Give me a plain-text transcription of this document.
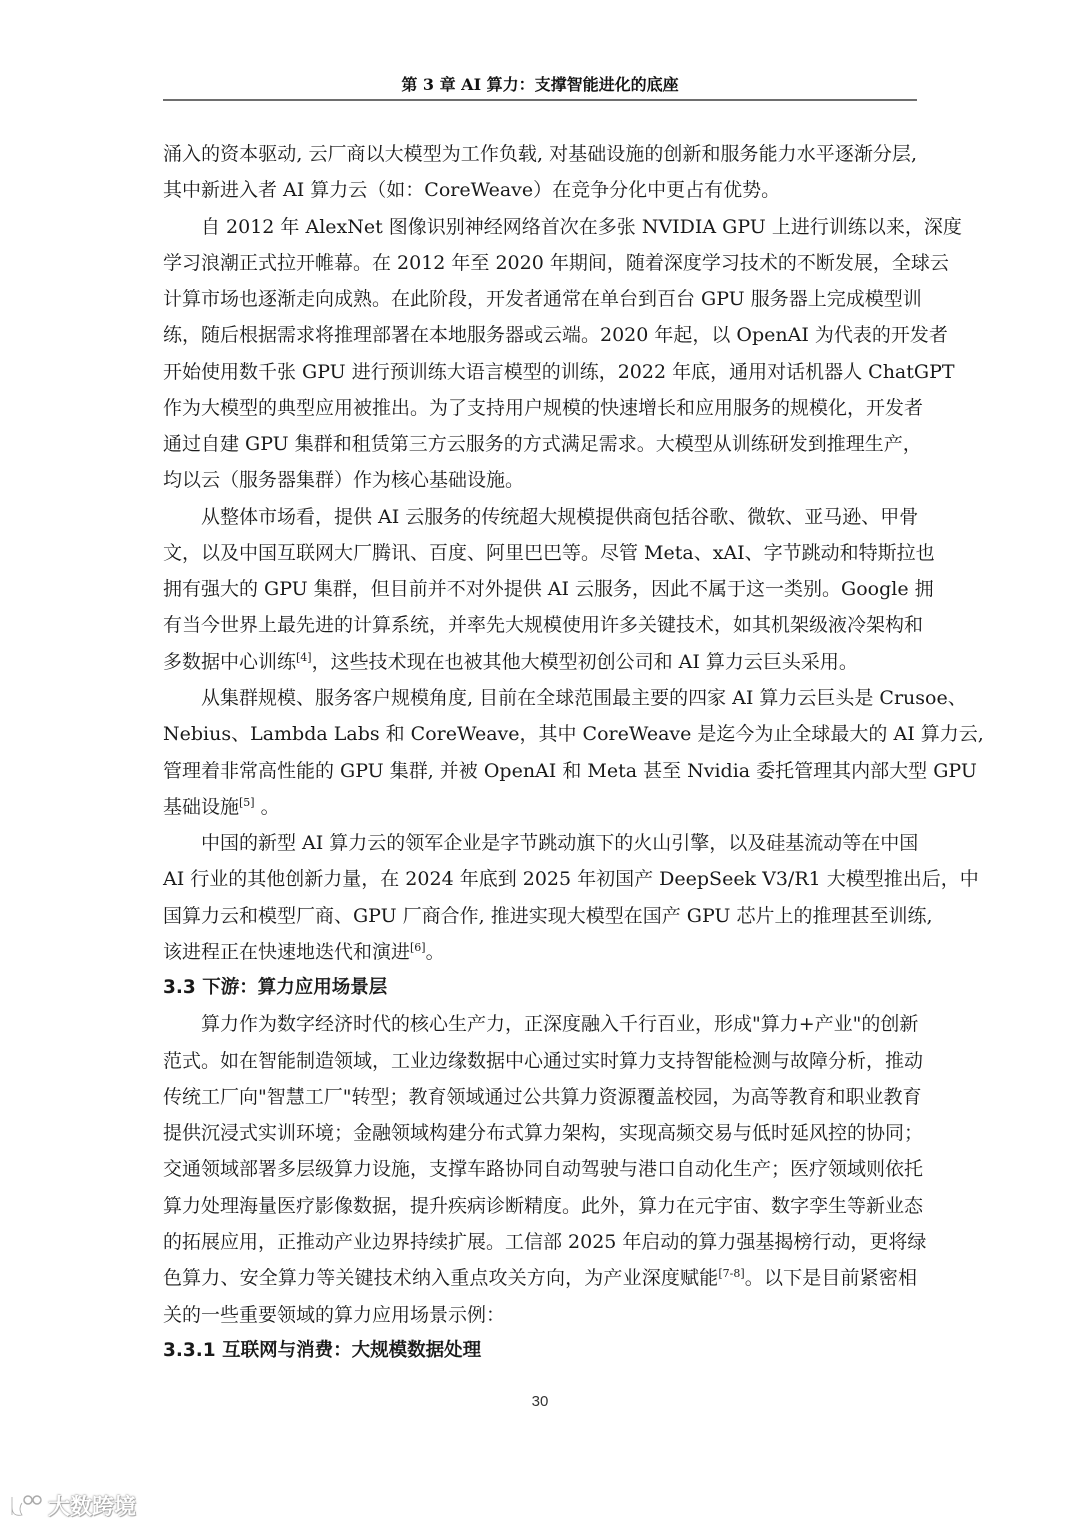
第 3 章 AI 算力：支撑智能进化的底座
涌入的资本驱动, 云厂商以大模型为工作负载, 对基础设施的创新和服务能力水平逐渐分层,
其中新进入者 AI 算力云（如：CoreWeave）在竞争分化中更占有优势。
自 2012 年 AlexNet 图像识别神经网络首次在多张 NVIDIA GPU 上进行训练以来，深度
学习浪潮正式拉开帷幕。在 2012 年至 2020 年期间，随着深度学习技术的不断发展，全球云
计算市场也逐渐走向成熟。在此阶段，开发者通常在单台到百台 GPU 服务器上完成模型训
练，随后根据需求将推理部署在本地服务器或云端。2020 年起，以 OpenAI 为代表的开发者
开始使用数千张 GPU 进行预训练大语言模型的训练，2022 年底，通用对话机器人 ChatGPT
作为大模型的典型应用被推出。为了支持用户规模的快速增长和应用服务的规模化，开发者
通过自建 GPU 集群和租赁第三方云服务的方式满足需求。大模型从训练研发到推理生产，
均以云（服务器集群）作为核心基础设施。
从整体市场看，提供 AI 云服务的传统超大规模提供商包括谷歌、微软、亚马逊、甲骨
文，以及中国互联网大厂腾讯、百度、阿里巴巴等。尽管 Meta、xAI、字节跳动和特斯拉也
拥有强大的 GPU 集群，但目前并不对外提供 AI 云服务，因此不属于这一类别。Google 拥
有当今世界上最先进的计算系统，并率先大规模使用许多关键技术，如其机架级液冷架构和
多数据中心训练[4]，这些技术现在也被其他大模型初创公司和 AI 算力云巨头采用。
从集群规模、服务客户规模角度, 目前在全球范围最主要的四家 AI 算力云巨头是 Crusoe、
Nebius、Lambda Labs 和 CoreWeave，其中 CoreWeave 是迄今为止全球最大的 AI 算力云,
管理着非常高性能的 GPU 集群, 并被 OpenAI 和 Meta 甚至 Nvidia 委托管理其内部大型 GPU
基础设施[5] 。
中国的新型 AI 算力云的领军企业是字节跳动旗下的火山引擎，以及硅基流动等在中国
AI 行业的其他创新力量，在 2024 年底到 2025 年初国产 DeepSeek V3/R1 大模型推出后，中
国算力云和模型厂商、GPU 厂商合作, 推进实现大模型在国产 GPU 芯片上的推理甚至训练,
该进程正在快速地迭代和演进[6]。
3.3 下游：算力应用场景层
算力作为数字经济时代的核心生产力，正深度融入千行百业，形成"算力+产业"的创新
范式。如在智能制造领域，工业边缘数据中心通过实时算力支持智能检测与故障分析，推动
传统工厂向"智慧工厂"转型；教育领域通过公共算力资源覆盖校园，为高等教育和职业教育
提供沉浸式实训环境；金融领域构建分布式算力架构，实现高频交易与低时延风控的协同；
交通领域部署多层级算力设施，支撑车路协同自动驾驶与港口自动化生产；医疗领域则依托
算力处理海量医疗影像数据，提升疾病诊断精度。此外，算力在元宇宙、数字孪生等新业态
的拓展应用，正推动产业边界持续扩展。工信部 2025 年启动的算力强基揭榜行动，更将绿
色算力、安全算力等关键技术纳入重点攻关方向，为产业深度赋能[7-8]。以下是目前紧密相
关的一些重要领域的算力应用场景示例：
3.3.1 互联网与消费：大规模数据处理
30
大数跨境
